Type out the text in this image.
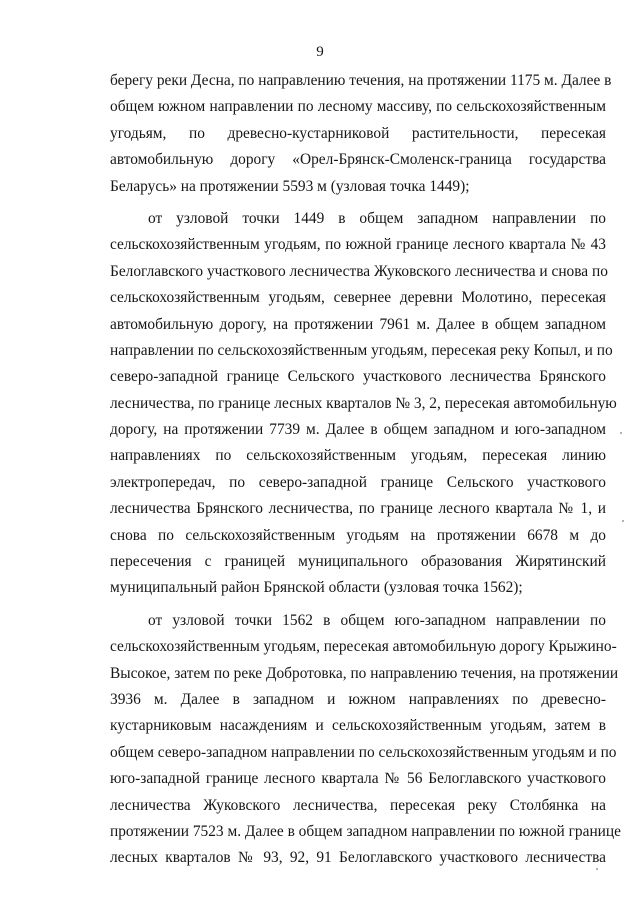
9
берегу реки Десна, по направлению течения, на протяжении 1175 м. Далее в
общем южном направлении по лесному массиву, по сельскохозяйственным
угодьям, по древесно-кустарниковой растительности, пересекая
автомобильную дорогу «Орел-Брянск-Смоленск-граница государства
Беларусь» на протяжении 5593 м (узловая точка 1449);
от узловой точки 1449 в общем западном направлении по
сельскохозяйственным угодьям, по южной границе лесного квартала № 43
Белоглавского участкового лесничества Жуковского лесничества и снова по
сельскохозяйственным угодьям, севернее деревни Молотино, пересекая
автомобильную дорогу, на протяжении 7961 м. Далее в общем западном
направлении по сельскохозяйственным угодьям, пересекая реку Копыл, и по
северо-западной границе Сельского участкового лесничества Брянского
лесничества, по границе лесных кварталов № 3, 2, пересекая автомобильную
дорогу, на протяжении 7739 м. Далее в общем западном и юго-западном
направлениях по сельскохозяйственным угодьям, пересекая линию
электропередач, по северо-западной границе Сельского участкового
лесничества Брянского лесничества, по границе лесного квартала № 1, и
снова по сельскохозяйственным угодьям на протяжении 6678 м до
пересечения с границей муниципального образования Жирятинский
муниципальный район Брянской области (узловая точка 1562);
от узловой точки 1562 в общем юго-западном направлении по
сельскохозяйственным угодьям, пересекая автомобильную дорогу Крыжино-
Высокое, затем по реке Добротовка, по направлению течения, на протяжении
3936 м. Далее в западном и южном направлениях по древесно-
кустарниковым насаждениям и сельскохозяйственным угодьям, затем в
общем северо-западном направлении по сельскохозяйственным угодьям и по
юго-западной границе лесного квартала № 56 Белоглавского участкового
лесничества Жуковского лесничества, пересекая реку Столбянка на
протяжении 7523 м. Далее в общем западном направлении по южной границе
лесных кварталов № 93, 92, 91 Белоглавского участкового лесничества
